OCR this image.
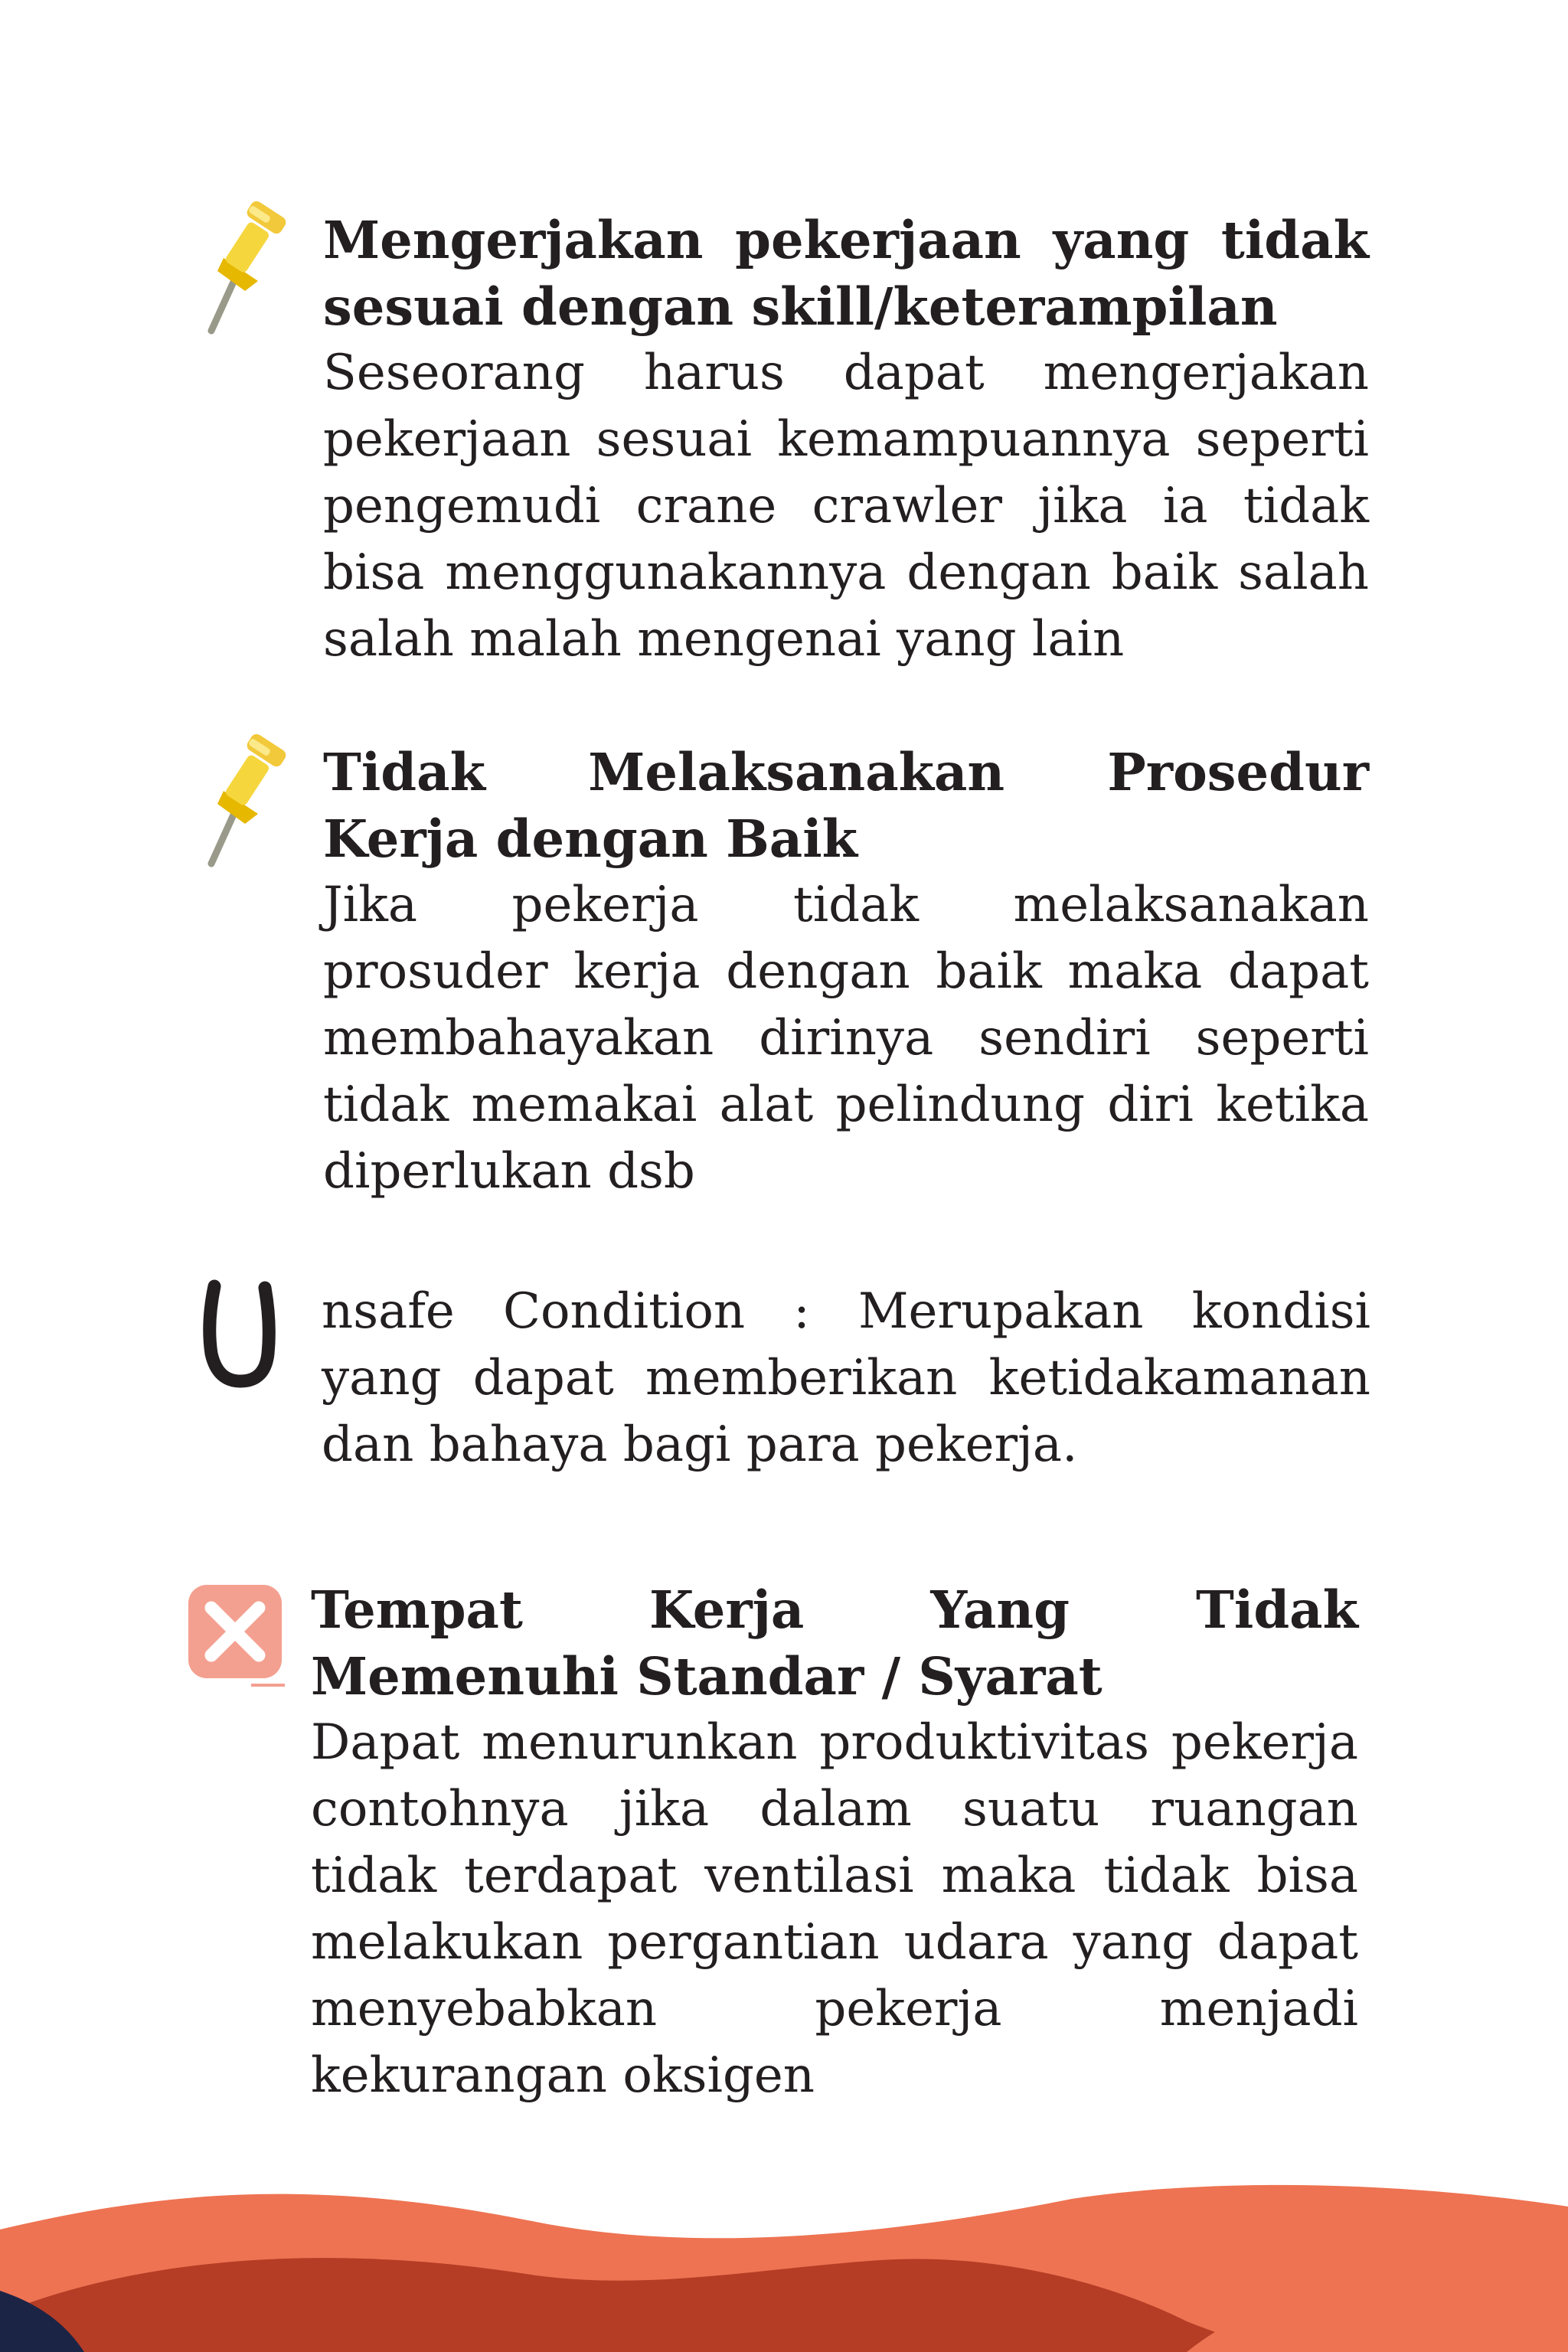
Mengerjakan pekerjaan yang tidak sesuai dengan skill/keterampilan

Seseorang harus dapat mengerjakan pekerjaan sesuai kemampuannya seperti pengemudi crane crawler jika ia tidak bisa menggunakannya dengan baik salah salah malah mengenai yang lain

Tidak Melaksanakan Prosedur Kerja dengan Baik

Jika pekerja tidak melaksanakan prosuder kerja dengan baik maka dapat membahayakan dirinya sendiri seperti tidak memakai alat pelindung diri ketika diperlukan dsb

nsafe Condition : Merupakan kondisi yang dapat memberikan ketidakamanan dan bahaya bagi para pekerja.

Tempat Kerja Yang Tidak Memenuhi Standar / Syarat

Dapat menurunkan produktivitas pekerja contohnya jika dalam suatu ruangan tidak terdapat ventilasi maka tidak bisa melakukan pergantian udara yang dapat menyebabkan pekerja menjadi kekurangan oksigen
